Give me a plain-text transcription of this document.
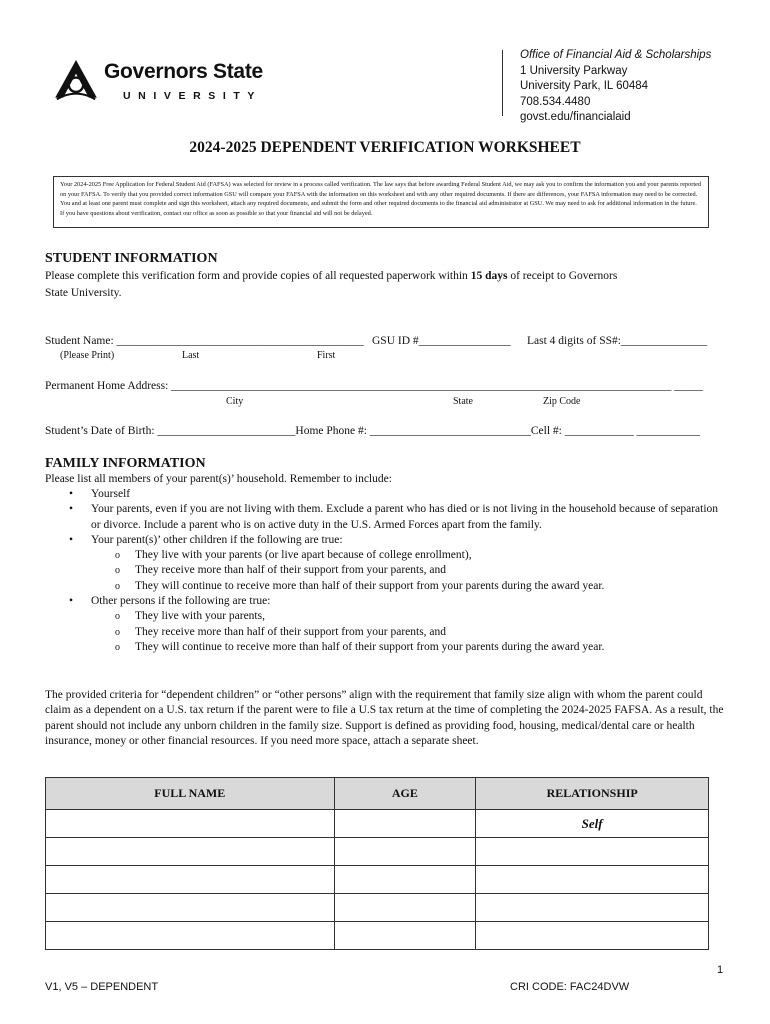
Governors State
UNIVERSITY
Office of Financial Aid & Scholarships
1 University Parkway
University Park, IL 60484
708.534.4480
govst.edu/financialaid
2024-2025 DEPENDENT VERIFICATION WORKSHEET
Your 2024-2025 Free Application for Federal Student Aid (FAFSA) was selected for review in a process called verification. The law says that before awarding Federal Student Aid, we may ask you to confirm the information you and your parents reported on your FAFSA. To verify that you provided correct information GSU will compare your FAFSA with the information on this worksheet and with any other required documents. If there are differences, your FAFSA information may need to be corrected. You and at least one parent must complete and sign this worksheet, attach any required documents, and submit the form and other required documents to the financial aid administrator at GSU. We may need to ask for additional information in the future. If you have questions about verification, contact our office as soon as possible so that your financial aid will not be delayed.
STUDENT INFORMATION
Please complete this verification form and provide copies of all requested paperwork within 15 days of receipt to Governors
State University.
Student Name: ___________________________________________ GSU ID #________________ Last 4 digits of SS#:_______________
(Please Print)	Last	First
Permanent Home Address: _______________________________________________________________________________________ _____
City	State	Zip Code
Student’s Date of Birth: ________________________Home Phone #: ____________________________Cell #: ____________ ___________
FAMILY INFORMATION
Please list all members of your parent(s)’ household. Remember to include:
• Yourself
• Your parents, even if you are not living with them. Exclude a parent who has died or is not living in the household because of separation or divorce. Include a parent who is on active duty in the U.S. Armed Forces apart from the family.
• Your parent(s)’ other children if the following are true:
o They live with your parents (or live apart because of college enrollment),
o They receive more than half of their support from your parents, and
o They will continue to receive more than half of their support from your parents during the award year.
• Other persons if the following are true:
o They live with your parents,
o They receive more than half of their support from your parents, and
o They will continue to receive more than half of their support from your parents during the award year.
The provided criteria for “dependent children” or “other persons” align with the requirement that family size align with whom the parent could claim as a dependent on a U.S. tax return if the parent were to file a U.S tax return at the time of completing the 2024-2025 FAFSA. As a result, the parent should not include any unborn children in the family size. Support is defined as providing food, housing, medical/dental care or health insurance, money or other financial resources. If you need more space, attach a separate sheet.
FULL NAME	AGE	RELATIONSHIP
		Self

1
V1, V5 – DEPENDENT	CRI CODE: FAC24DVW
